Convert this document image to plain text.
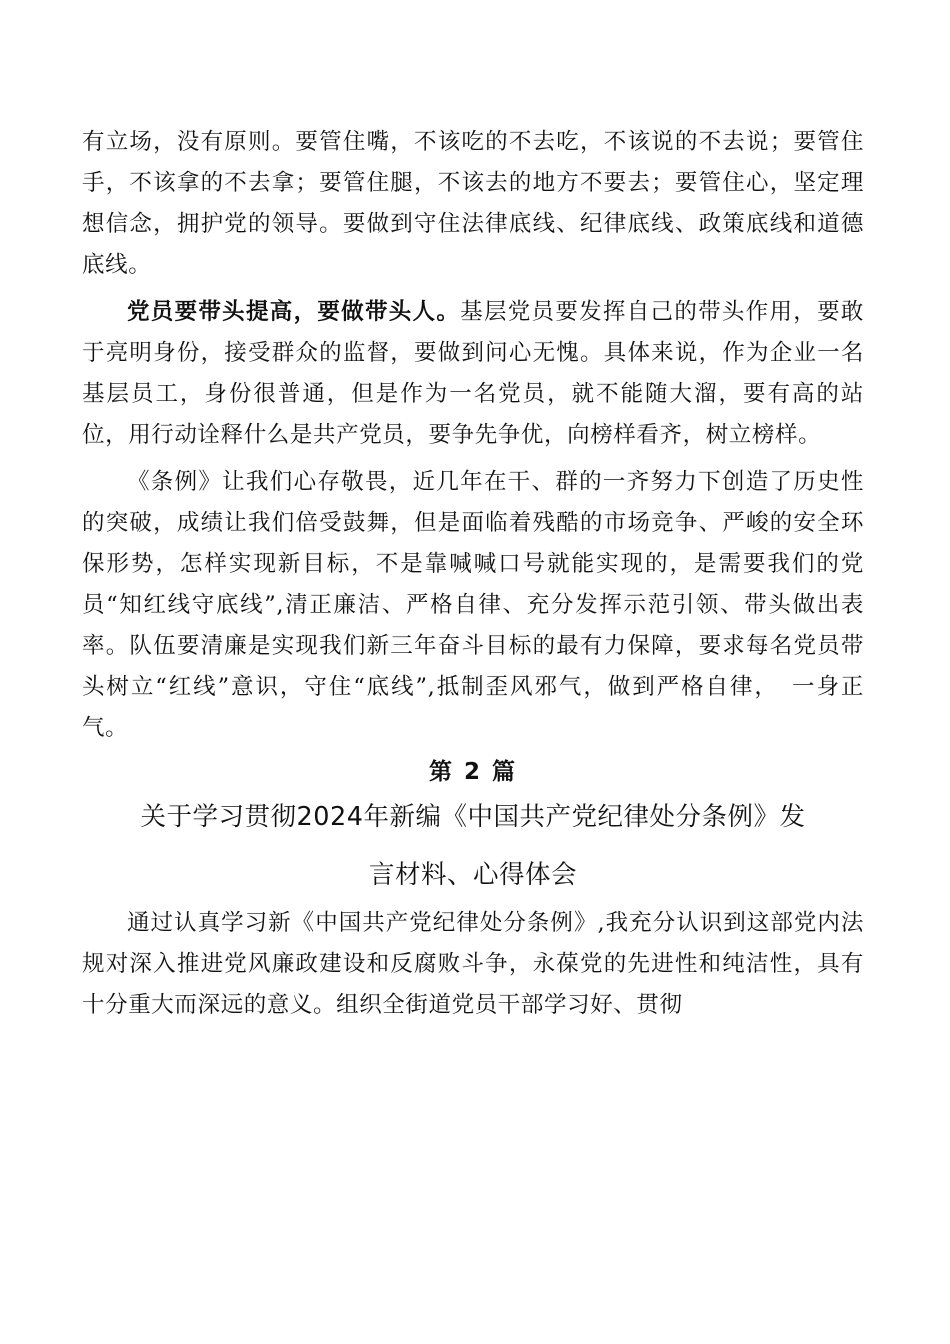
有立场，没有原则。要管住嘴，不该吃的不去吃，不该说的不去说；要管住手，不该拿的不去拿；要管住腿，不该去的地方不要去；要管住心，坚定理想信念，拥护党的领导。要做到守住法律底线、纪律底线、政策底线和道德底线。

党员要带头提高，要做带头人。基层党员要发挥自己的带头作用，要敢于亮明身份，接受群众的监督，要做到问心无愧。具体来说，作为企业一名基层员工，身份很普通，但是作为一名党员，就不能随大溜，要有高的站位，用行动诠释什么是共产党员，要争先争优，向榜样看齐，树立榜样。

《条例》让我们心存敬畏，近几年在干、群的一齐努力下创造了历史性的突破，成绩让我们倍受鼓舞，但是面临着残酷的市场竞争、严峻的安全环保形势，怎样实现新目标，不是靠喊喊口号就能实现的，是需要我们的党员“知红线守底线”,清正廉洁、严格自律、充分发挥示范引领、带头做出表率。队伍要清廉是实现我们新三年奋斗目标的最有力保障，要求每名党员带头树立“红线”意识，守住“底线”,抵制歪风邪气，做到严格自律，　一身正气。

第 2 篇
关于学习贯彻2024年新编《中国共产党纪律处分条例》发
言材料、心得体会

通过认真学习新《中国共产党纪律处分条例》,我充分认识到这部党内法规对深入推进党风廉政建设和反腐败斗争，永葆党的先进性和纯洁性，具有十分重大而深远的意义。组织全街道党员干部学习好、贯彻
